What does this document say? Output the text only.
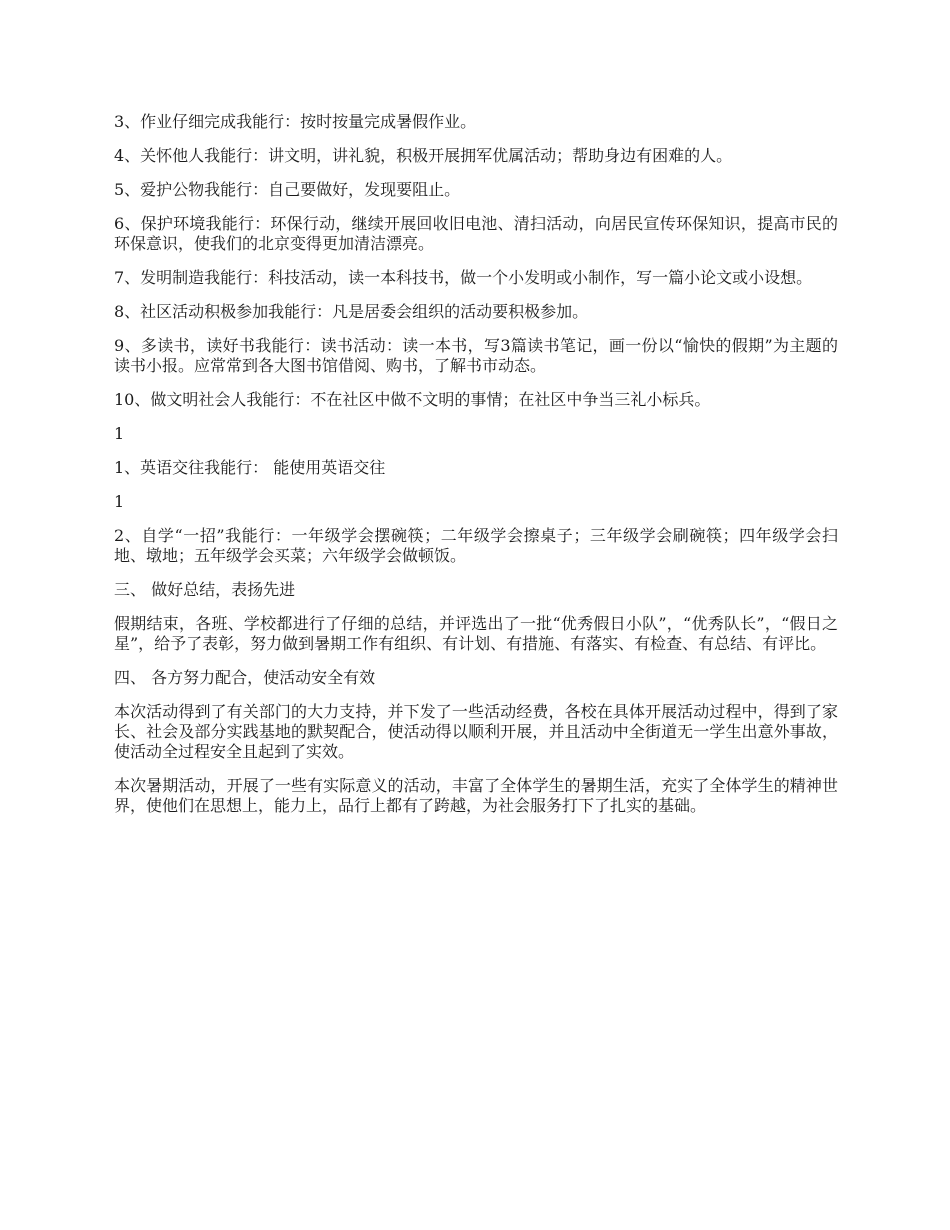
3、作业仔细完成我能行：按时按量完成暑假作业。

4、关怀他人我能行：讲文明，讲礼貌，积极开展拥军优属活动；帮助身边有困难的人。

5、爱护公物我能行：自己要做好，发现要阻止。

6、保护环境我能行：环保行动，继续开展回收旧电池、清扫活动，向居民宣传环保知识，提高市民的环保意识，使我们的北京变得更加清洁漂亮。

7、发明制造我能行：科技活动，读一本科技书，做一个小发明或小制作，写一篇小论文或小设想。

8、社区活动积极参加我能行：凡是居委会组织的活动要积极参加。

9、多读书，读好书我能行：读书活动：读一本书，写3篇读书笔记，画一份以“愉快的假期”为主题的读书小报。应常常到各大图书馆借阅、购书，了解书市动态。

10、做文明社会人我能行：不在社区中做不文明的事情；在社区中争当三礼小标兵。

1

1、英语交往我能行： 能使用英语交往

1

2、自学“一招”我能行：一年级学会摆碗筷；二年级学会擦桌子；三年级学会刷碗筷；四年级学会扫地、墩地；五年级学会买菜；六年级学会做顿饭。

三、 做好总结，表扬先进

假期结束，各班、学校都进行了仔细的总结，并评选出了一批“优秀假日小队”，“优秀队长”，“假日之星”，给予了表彰，努力做到暑期工作有组织、有计划、有措施、有落实、有检查、有总结、有评比。

四、 各方努力配合，使活动安全有效

本次活动得到了有关部门的大力支持，并下发了一些活动经费，各校在具体开展活动过程中，得到了家长、社会及部分实践基地的默契配合，使活动得以顺利开展，并且活动中全街道无一学生出意外事故，使活动全过程安全且起到了实效。

本次暑期活动，开展了一些有实际意义的活动，丰富了全体学生的暑期生活，充实了全体学生的精神世界，使他们在思想上，能力上，品行上都有了跨越，为社会服务打下了扎实的基础。
